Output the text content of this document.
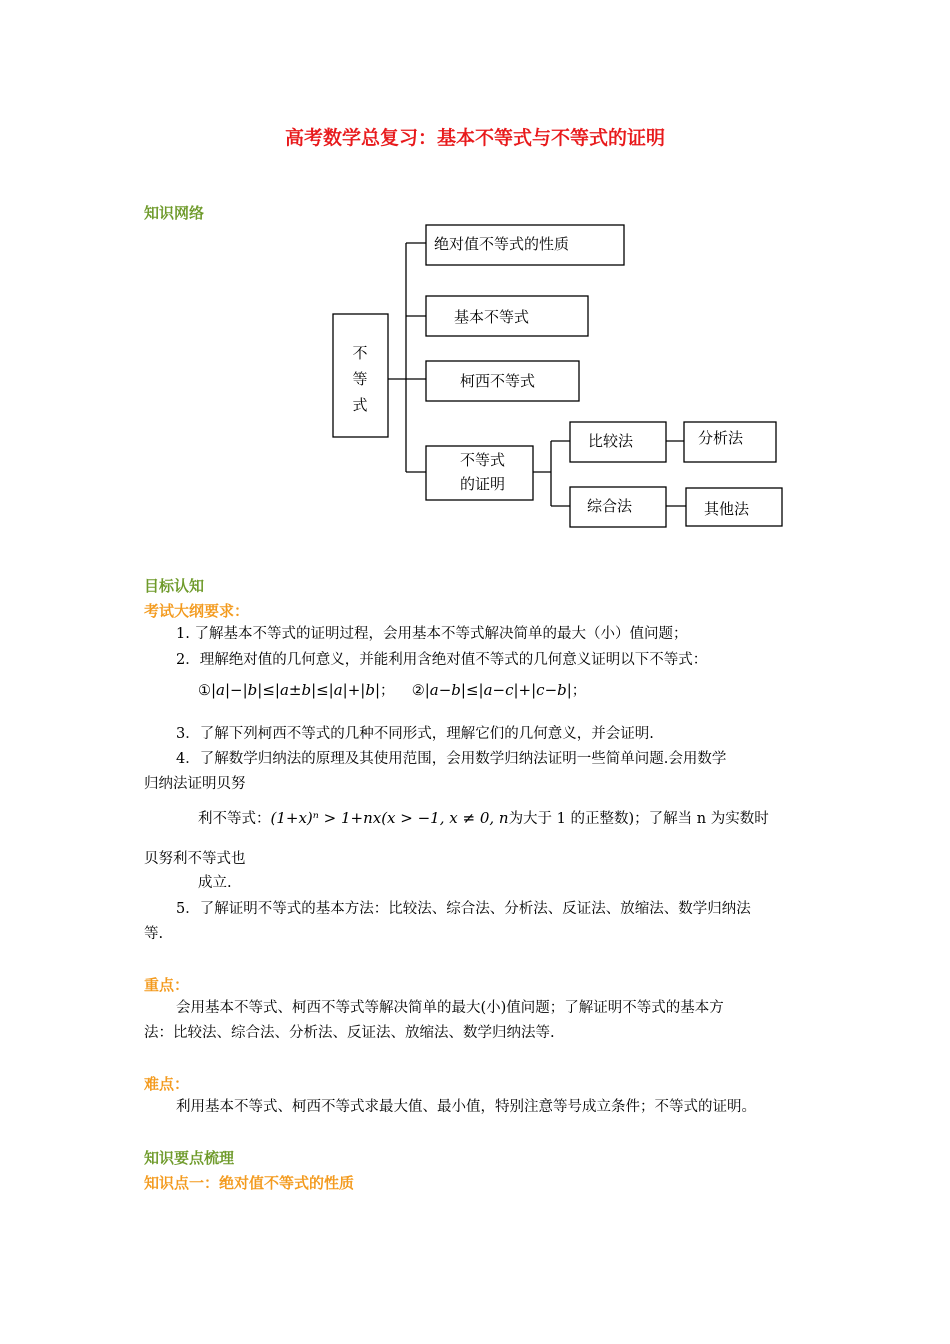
高考数学总复习：基本不等式与不等式的证明
知识网络
不
等
式
绝对值不等式的性质
基本不等式
柯西不等式
不等式
的证明
比较法	分析法
综合法	其他法
目标认知
考试大纲要求：
1. 了解基本不等式的证明过程，会用基本不等式解决简单的最大（小）值问题；
2．理解绝对值的几何意义，并能利用含绝对值不等式的几何意义证明以下不等式：
①|a|−|b|≤|a±b|≤|a|+|b|； ②|a−b|≤|a−c|+|c−b|；
3．了解下列柯西不等式的几种不同形式，理解它们的几何意义，并会证明.
4．了解数学归纳法的原理及其使用范围，会用数学归纳法证明一些简单问题.会用数学
归纳法证明贝努
利不等式：(1+x)ⁿ > 1+nx(x > −1, x ≠ 0, n为大于 1 的正整数)；了解当 n 为实数时
贝努利不等式也
成立.
5．了解证明不等式的基本方法：比较法、综合法、分析法、反证法、放缩法、数学归纳法
等.
重点：
会用基本不等式、柯西不等式等解决简单的最大(小)值问题；了解证明不等式的基本方
法：比较法、综合法、分析法、反证法、放缩法、数学归纳法等.
难点：
利用基本不等式、柯西不等式求最大值、最小值，特别注意等号成立条件；不等式的证明。
知识要点梳理
知识点一：绝对值不等式的性质
